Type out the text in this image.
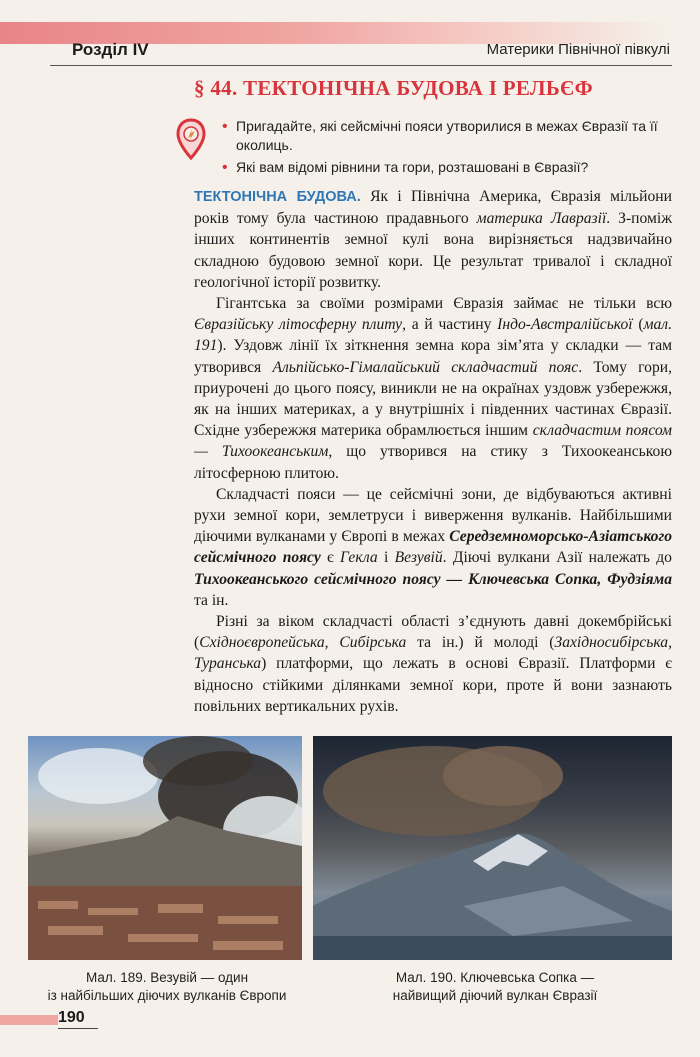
Розділ IV	Материки Північної півкулі
§ 44. ТЕКТОНІЧНА БУДОВА І РЕЛЬЄФ
• Пригадайте, які сейсмічні пояси утворилися в межах Євразії та її околиць.
• Які вам відомі рівнини та гори, розташовані в Євразії?

ТЕКТОНІЧНА БУДОВА. Як і Північна Америка, Євразія мільйони років тому була частиною прадавнього материка Лавразії. З-поміж інших континентів земної кулі вона вирізняється надзвичайно складною будовою земної кори. Це результат тривалої і складної геологічної історії розвитку.

Гігантська за своїми розмірами Євразія займає не тільки всю Євразійську літосферну плиту, а й частину Індо-Австралійської (мал. 191). Уздовж лінії їх зіткнення земна кора зім’ята у складки — там утворився Альпійсько-Гімалайський складчастий пояс. Тому гори, приурочені до цього поясу, виникли не на окраїнах уздовж узбережжя, як на інших материках, а у внутрішніх і південних частинах Євразії. Східне узбережжя материка обрамлюється іншим складчастим поясом — Тихоокеанським, що утворився на стику з Тихоокеанською літосферною плитою.

Складчасті пояси — це сейсмічні зони, де відбуваються активні рухи земної кори, землетруси і виверження вулканів. Найбільшими діючими вулканами у Європі в межах Середземноморсько-Азіатського сейсмічного поясу є Гекла і Везувій. Діючі вулкани Азії належать до Тихоокеанського сейсмічного поясу — Ключевська Сопка, Фудзіяма та ін.

Різні за віком складчасті області з’єднують давні докембрійські (Східноєвропейська, Сибірська та ін.) й молоді (Західносибірська, Туранська) платформи, що лежать в основі Євразії. Платформи є відносно стійкими ділянками земної кори, проте й вони зазнають повільних вертикальних рухів.

Мал. 189. Везувій — один
із найбільших діючих вулканів Європи
Мал. 190. Ключевська Сопка —
найвищий діючий вулкан Євразії
190
